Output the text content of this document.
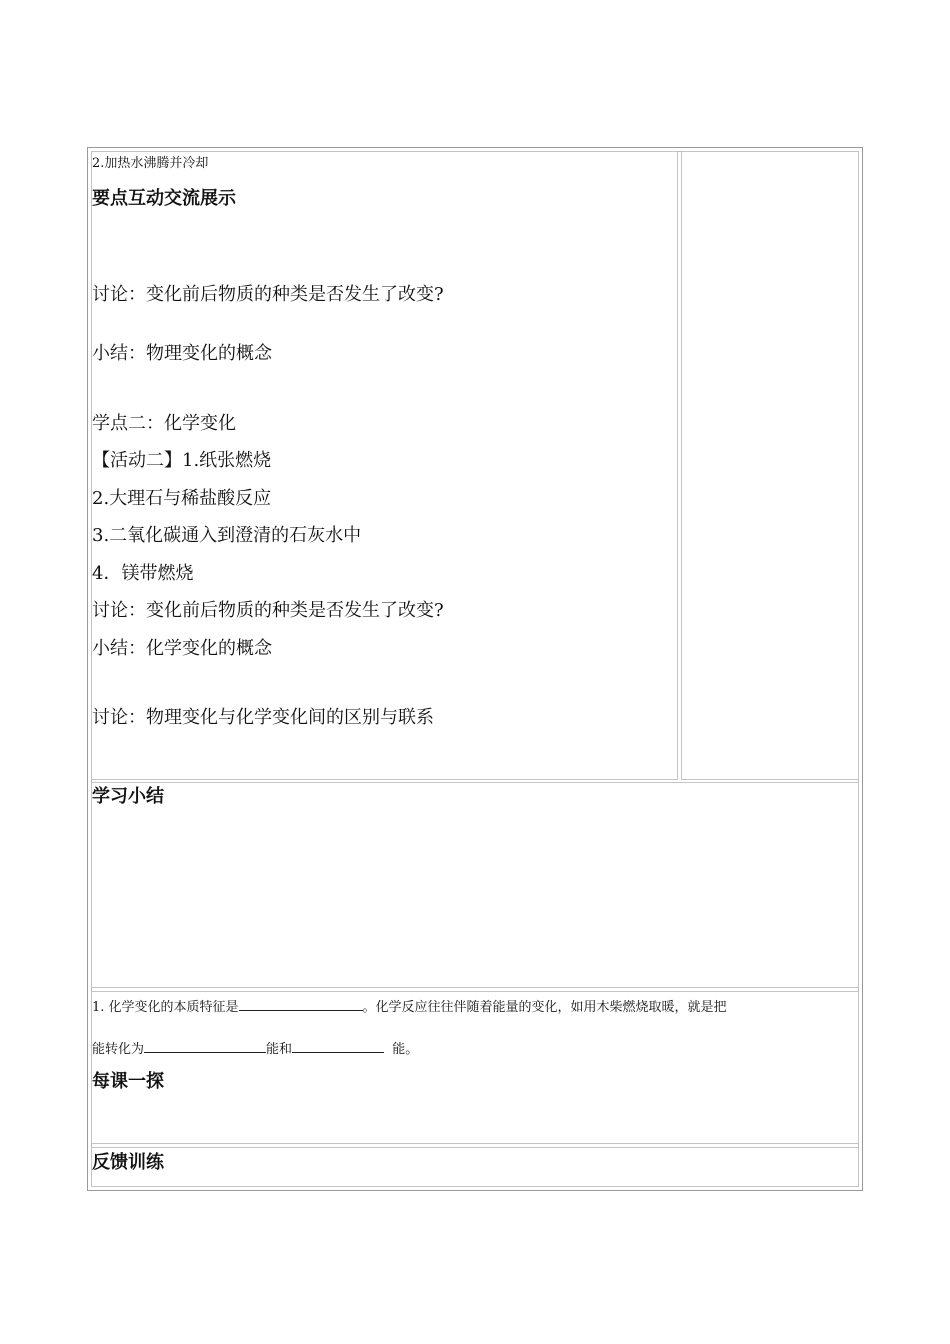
2.加热水沸腾并冷却
要点互动交流展示
讨论：变化前后物质的种类是否发生了改变?
小结：物理变化的概念
学点二：化学变化
【活动二】1.纸张燃烧
2.大理石与稀盐酸反应
3.二氧化碳通入到澄清的石灰水中
4．镁带燃烧
讨论：变化前后物质的种类是否发生了改变?
小结：化学变化的概念
讨论：物理变化与化学变化间的区别与联系
学习小结
1. 化学变化的本质特征是	。化学反应往往伴随着能量的变化，如用木柴燃烧取暖，就是把
能转化为	能和	能。
每课一探
反馈训练
